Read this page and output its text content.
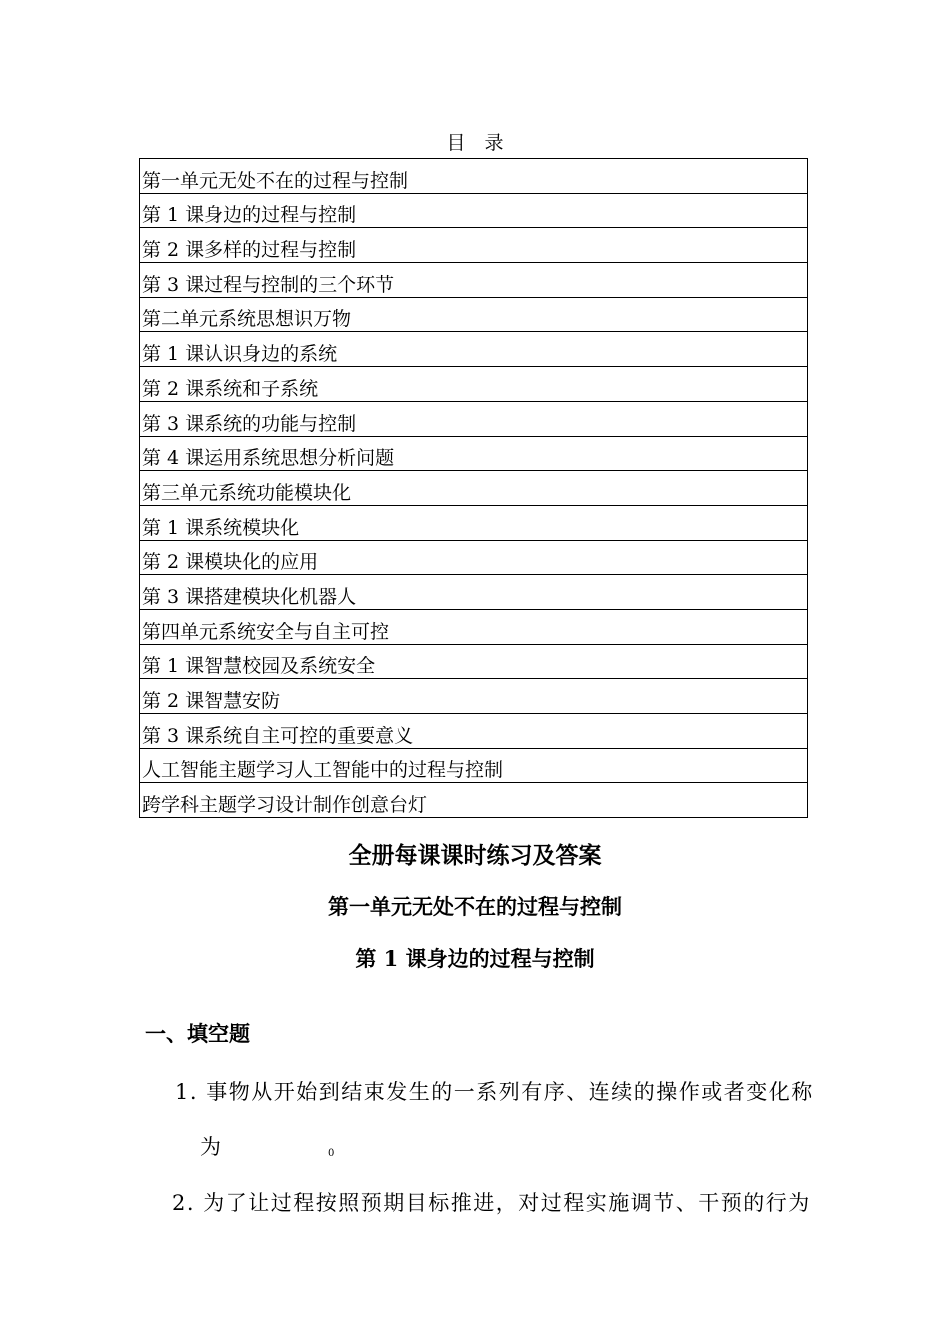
目　录
第一单元无处不在的过程与控制
第 1 课身边的过程与控制
第 2 课多样的过程与控制
第 3 课过程与控制的三个环节
第二单元系统思想识万物
第 1 课认识身边的系统
第 2 课系统和子系统
第 3 课系统的功能与控制
第 4 课运用系统思想分析问题
第三单元系统功能模块化
第 1 课系统模块化
第 2 课模块化的应用
第 3 课搭建模块化机器人
第四单元系统安全与自主可控
第 1 课智慧校园及系统安全
第 2 课智慧安防
第 3 课系统自主可控的重要意义
人工智能主题学习人工智能中的过程与控制
跨学科主题学习设计制作创意台灯
全册每课课时练习及答案
第一单元无处不在的过程与控制
第 1 课身边的过程与控制
一、填空题
1. 事物从开始到结束发生的一系列有序、连续的操作或者变化称
为	0
2. 为了让过程按照预期目标推进，对过程实施调节、干预的行为
